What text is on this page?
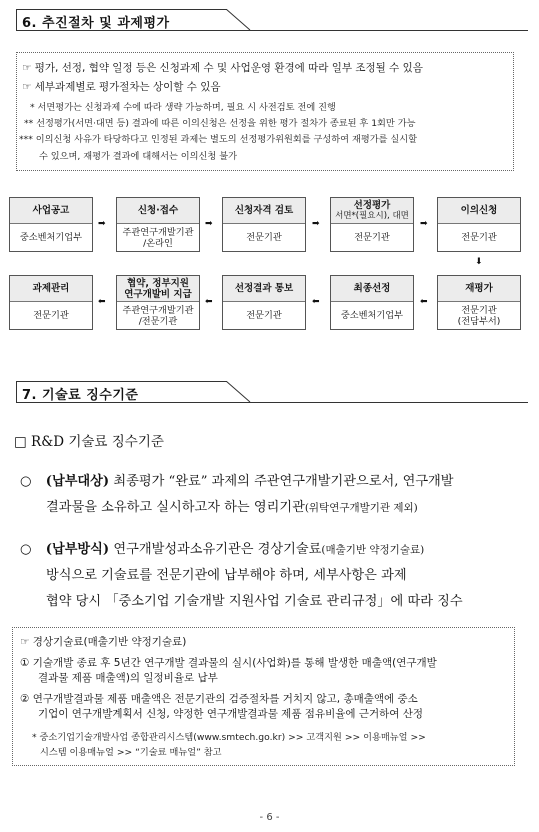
6. 추진절차 및 과제평가
☞ 평가, 선정, 협약 일정 등은 신청과제 수 및 사업운영 환경에 따라 일부 조정될 수 있음
☞ 세부과제별로 평가절차는 상이할 수 있음
* 서면평가는 신청과제 수에 따라 생략 가능하며, 필요 시 사전검토 전에 진행
** 선정평가(서면·대면 등) 결과에 따른 이의신청은 선정을 위한 평가 절차가 종료된 후 1회만 가능
*** 이의신청 사유가 타당하다고 인정된 과제는 별도의 선정평가위원회를 구성하여 재평가를 실시할
수 있으며, 재평가 결과에 대해서는 이의신청 불가
사업공고
중소벤처기업부
신청·접수
주관연구개발기관
/온라인
신청자격 검토
전문기관
선정평가
서면*(필요시), 대면
전문기관
이의신청
전문기관
➡	➡	➡	➡
⬇
과제관리
전문기관
협약, 정부지원
연구개발비 지급
주관연구개발기관
/전문기관
선정결과 통보
전문기관
최종선정
중소벤처기업부
재평가
전문기관
(전담부서)
⬅	⬅	⬅	⬅
7. 기술료 징수기준
□ R&D 기술료 징수기준
○ (납부대상) 최종평가 “완료” 과제의 주관연구개발기관으로서, 연구개발
결과물을 소유하고 실시하고자 하는 영리기관(위탁연구개발기관 제외)
○ (납부방식) 연구개발성과소유기관은 경상기술료(매출기반 약정기술료)
방식으로 기술료를 전문기관에 납부해야 하며, 세부사항은 과제
협약 당시 「중소기업 기술개발 지원사업 기술료 관리규정」에 따라 징수
☞ 경상기술료(매출기반 약정기술료)
① 기술개발 종료 후 5년간 연구개발 결과물의 실시(사업화)를 통해 발생한 매출액(연구개발
결과물 제품 매출액)의 일정비율로 납부
② 연구개발결과물 제품 매출액은 전문기관의 검증절차를 거치지 않고, 총매출액에 중소
기업이 연구개발계획서 신청, 약정한 연구개발결과물 제품 점유비율에 근거하여 산정
* 중소기업기술개발사업 종합관리시스템(www.smtech.go.kr) >> 고객지원 >> 이용매뉴얼 >>
시스템 이용매뉴얼 >> “기술료 매뉴얼” 참고
- 6 -
